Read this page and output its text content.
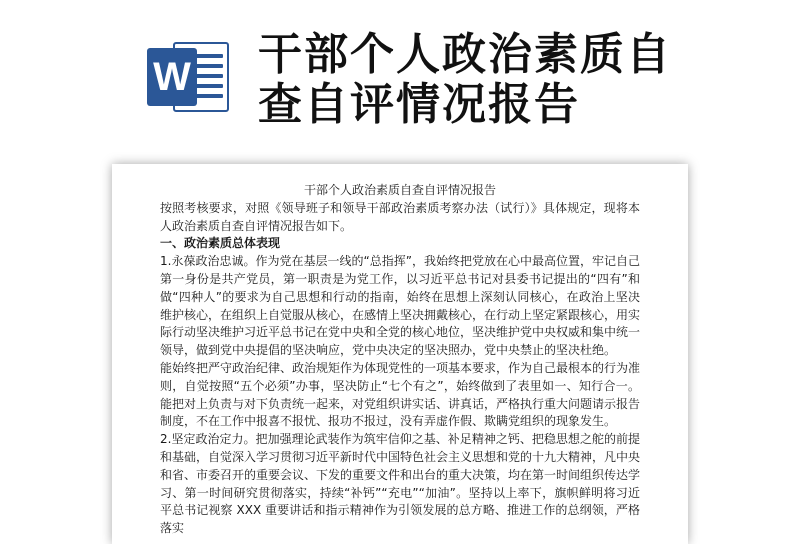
W 干部个人政治素质自查自评情况报告

干部个人政治素质自查自评情况报告

按照考核要求，对照《领导班子和领导干部政治素质考察办法（试行）》具体规定，现将本人政治素质自查自评情况报告如下。

一、政治素质总体表现

1.永葆政治忠诚。作为党在基层一线的“总指挥”，我始终把党放在心中最高位置，牢记自己第一身份是共产党员，第一职责是为党工作，以习近平总书记对县委书记提出的“四有”和做“四种人”的要求为自己思想和行动的指南，始终在思想上深刻认同核心，在政治上坚决维护核心，在组织上自觉服从核心，在感情上坚决拥戴核心，在行动上坚定紧跟核心，用实际行动坚决维护习近平总书记在党中央和全党的核心地位，坚决维护党中央权威和集中统一领导，做到党中央提倡的坚决响应，党中央决定的坚决照办，党中央禁止的坚决杜绝。

能始终把严守政治纪律、政治规矩作为体现党性的一项基本要求，作为自己最根本的行为准则，自觉按照“五个必须”办事，坚决防止“七个有之”，始终做到了表里如一、知行合一。能把对上负责与对下负责统一起来，对党组织讲实话、讲真话，严格执行重大问题请示报告制度，不在工作中报喜不报忧、报功不报过，没有弄虚作假、欺瞒党组织的现象发生。

2.坚定政治定力。把加强理论武装作为筑牢信仰之基、补足精神之钙、把稳思想之舵的前提和基础，自觉深入学习贯彻习近平新时代中国特色社会主义思想和党的十九大精神，凡中央和省、市委召开的重要会议、下发的重要文件和出台的重大决策，均在第一时间组织传达学习、第一时间研究贯彻落实，持续“补钙”“充电”“加油”。坚持以上率下，旗帜鲜明将习近平总书记视察 XXX 重要讲话和指示精神作为引领发展的总方略、推进工作的总纲领，严格落实
